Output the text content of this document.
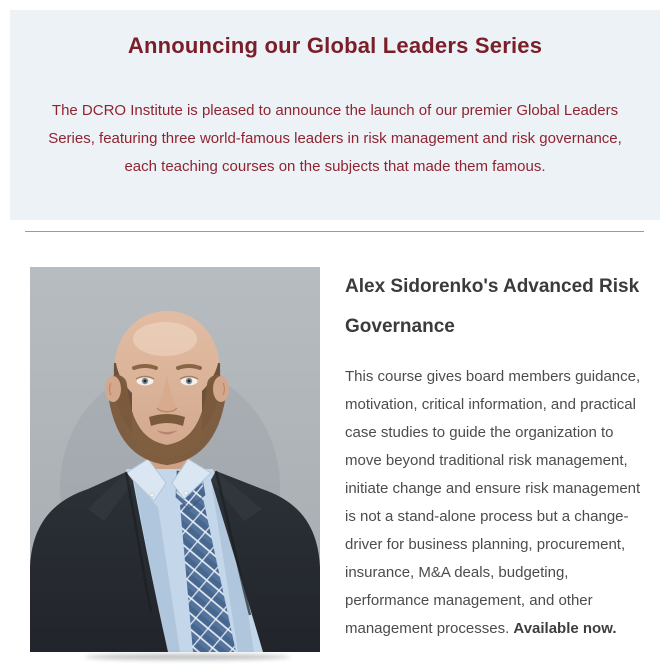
Announcing our Global Leaders Series

The DCRO Institute is pleased to announce the launch of our premier Global Leaders Series, featuring three world-famous leaders in risk management and risk governance, each teaching courses on the subjects that made them famous.

Alex Sidorenko's Advanced Risk Governance

This course gives board members guidance, motivation, critical information, and practical case studies to guide the organization to move beyond traditional risk management, initiate change and ensure risk management is not a stand-alone process but a change-driver for business planning, procurement, insurance, M&A deals, budgeting, performance management, and other management processes. Available now.
